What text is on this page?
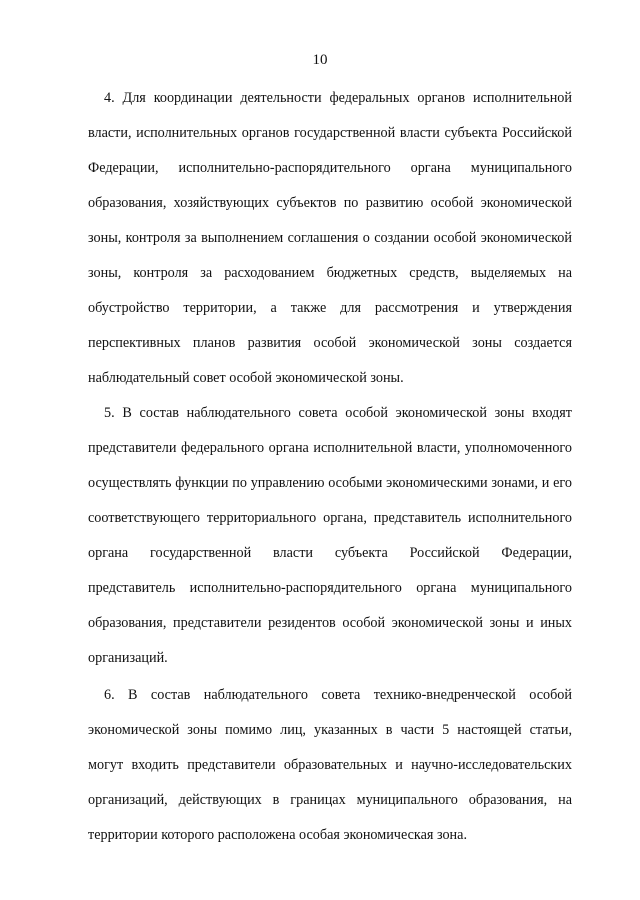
10
4. Для координации деятельности федеральных органов исполнительной
власти, исполнительных органов государственной власти субъекта Российской
Федерации, исполнительно-распорядительного органа муниципального
образования, хозяйствующих субъектов по развитию особой экономической
зоны, контроля за выполнением соглашения о создании особой экономической
зоны, контроля за расходованием бюджетных средств, выделяемых на
обустройство территории, а также для рассмотрения и утверждения
перспективных планов развития особой экономической зоны создается
наблюдательный совет особой экономической зоны.
5. В состав наблюдательного совета особой экономической зоны входят
представители федерального органа исполнительной власти, уполномоченного
осуществлять функции по управлению особыми экономическими зонами, и его
соответствующего территориального органа, представитель исполнительного
органа государственной власти субъекта Российской Федерации,
представитель исполнительно-распорядительного органа муниципального
образования, представители резидентов особой экономической зоны и иных
организаций.
6. В состав наблюдательного совета технико-внедренческой особой
экономической зоны помимо лиц, указанных в части 5 настоящей статьи,
могут входить представители образовательных и научно-исследовательских
организаций, действующих в границах муниципального образования, на
территории которого расположена особая экономическая зона.
